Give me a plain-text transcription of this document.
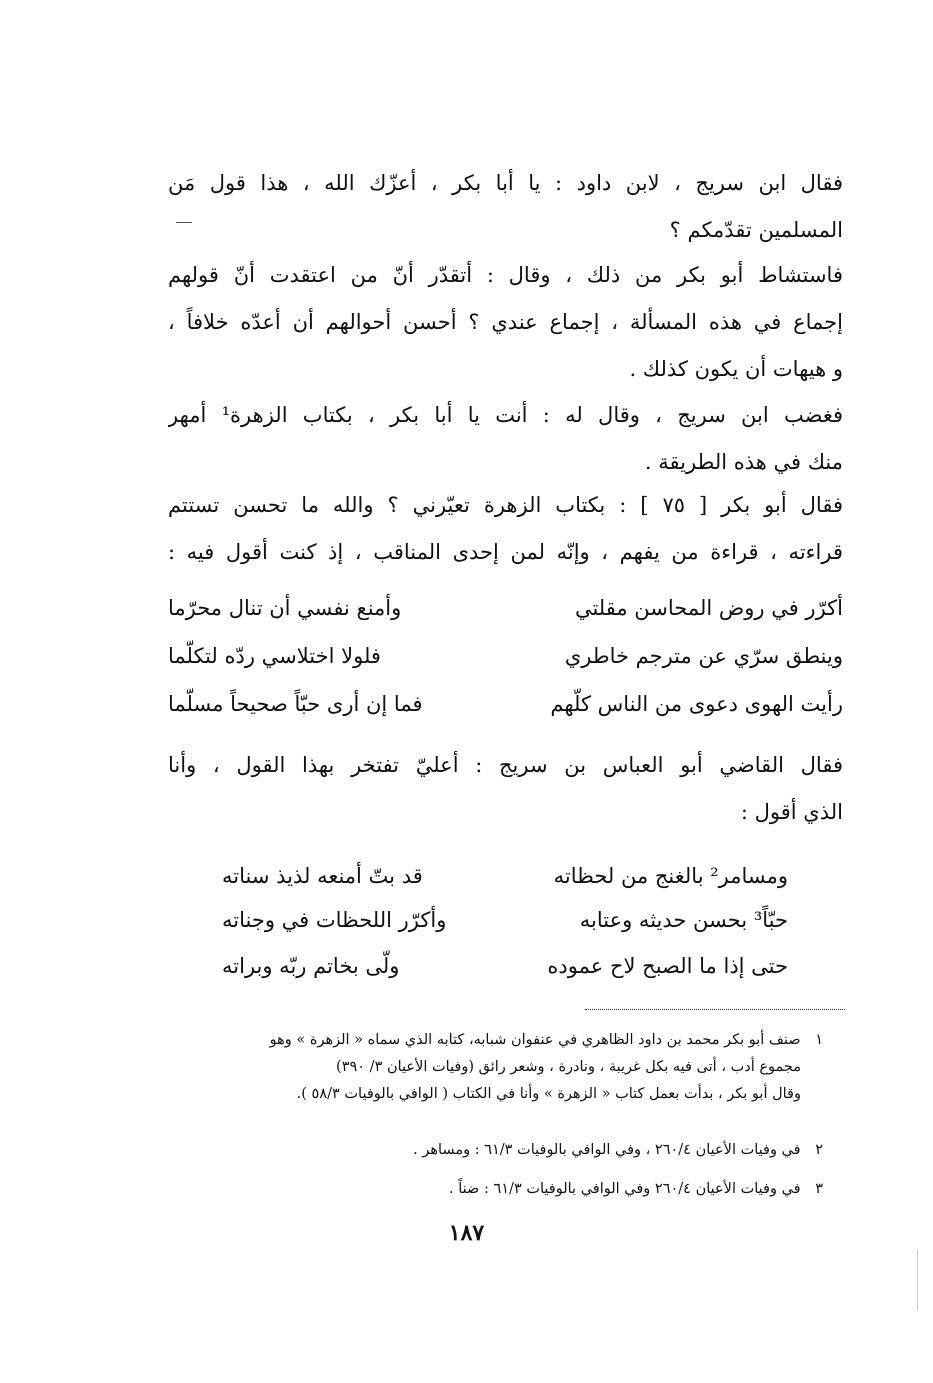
فقال ابن سريج ، لابن داود : يا أبا بكر ، أعزّك الله ، هذا قول مَن
المسلمين تقدّمكم ؟
فاستشاط أبو بكر من ذلك ، وقال : أتقدّر أنّ من اعتقدت أنّ قولهم
إجماع في هذه المسألة ، إجماع عندي ؟ أحسن أحوالهم أن أعدّه خلافاً ،
و هيهات أن يكون كذلك .
فغضب ابن سريج ، وقال له : أنت يا أبا بكر ، بكتاب الزهرة¹ أمهر
منك في هذه الطريقة .
فقال أبو بكر [ ٧٥ ] : بكتاب الزهرة تعيّرني ؟ والله ما تحسن تستتم
قراءته ، قراءة من يفهم ، وإنّه لمن إحدى المناقب ، إذ كنت أقول فيه :
أكرّر في روض المحاسن مقلتي
وأمنع نفسي أن تنال محرّما
وينطق سرّي عن مترجم خاطري
فلولا اختلاسي ردّه لتكلّما
رأيت الهوى دعوى من الناس كلّهم
فما إن أرى حبّاً صحيحاً مسلّما
فقال القاضي أبو العباس بن سريج : أعليّ تفتخر بهذا القول ، وأنا
الذي أقول :
ومسامر² بالغنج من لحظاته
قد بتّ أمنعه لذيذ سناته
حبّاً³ بحسن حديثه وعتابه
وأكرّر اللحظات في وجناته
حتى إذا ما الصبح لاح عموده
ولّى بخاتم ربّه وبراته
١ صنف أبو بكر محمد بن داود الظاهري في عنفوان شبابه، كتابه الذي سماه « الزهرة » وهو
مجموع أدب ، أتى فيه بكل غريبة ، ونادرة ، وشعر رائق (وفيات الأعيان ٣/ ٣٩٠)
وقال أبو بكر ، بدأت بعمل كتاب « الزهرة » وأنا في الكتاب ( الوافي بالوفيات ٥٨/٣ ).
٢ في وفيات الأعيان ٢٦٠/٤ ، وفي الوافي بالوفيات ٦١/٣ : ومساهر .
٣ في وفيات الأعيان ٢٦٠/٤ وفي الوافي بالوفيات ٦١/٣ : ضناً .
١٨٧
